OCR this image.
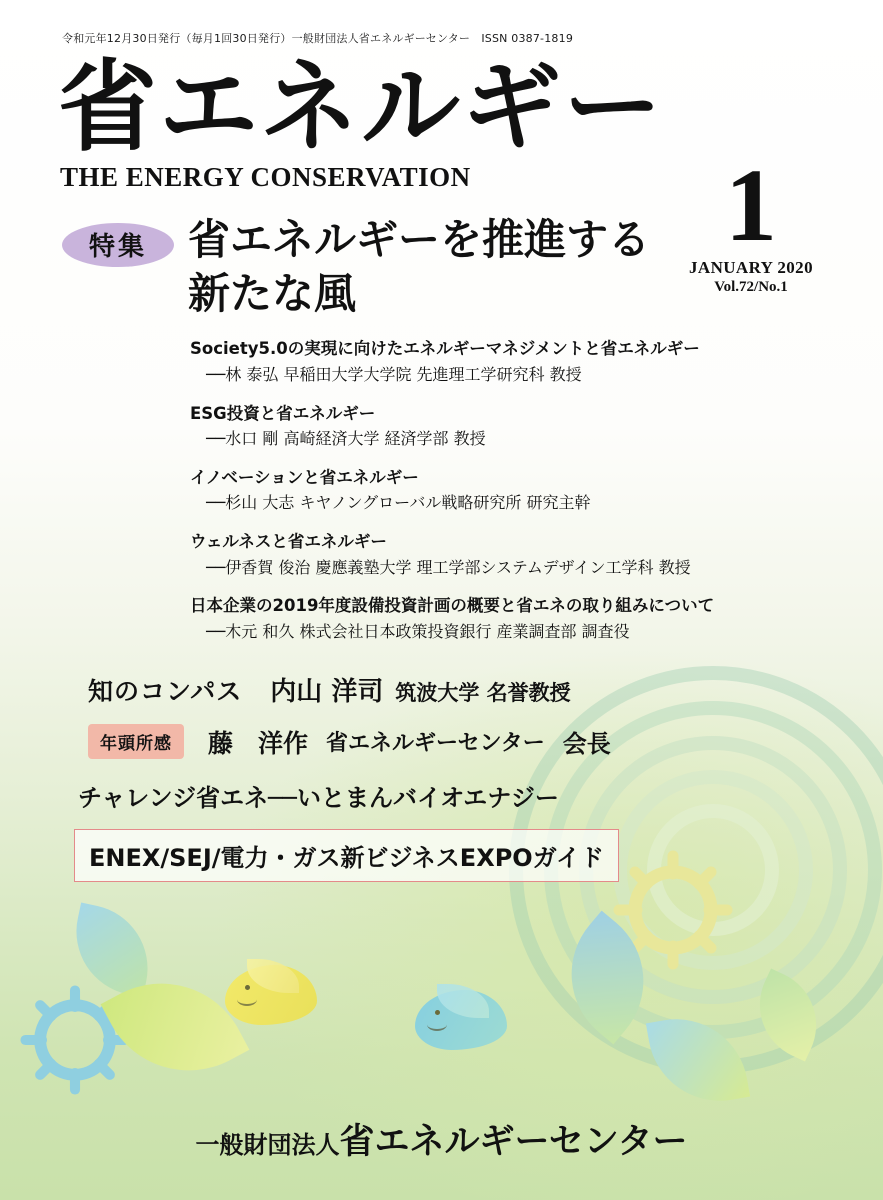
令和元年12月30日発行（毎月1回30日発行）一般財団法人省エネルギーセンター　ISSN 0387-1819
省エネルギー
THE ENERGY CONSERVATION	1
JANUARY 2020
Vol.72/No.1
特集 省エネルギーを推進する
新たな風
Society5.0の実現に向けたエネルギーマネジメントと省エネルギー
──林 泰弘 早稲田大学大学院 先進理工学研究科 教授
ESG投資と省エネルギー
──水口 剛 高崎経済大学 経済学部 教授
イノベーションと省エネルギー
──杉山 大志 キヤノングローバル戦略研究所 研究主幹
ウェルネスと省エネルギー
──伊香賀 俊治 慶應義塾大学 理工学部システムデザイン工学科 教授
日本企業の2019年度設備投資計画の概要と省エネの取り組みについて
──木元 和久 株式会社日本政策投資銀行 産業調査部 調査役
知のコンパス 内山 洋司 筑波大学 名誉教授
年頭所感	藤　洋作 省エネルギーセンター 会長
チャレンジ省エネ──いとまんバイオエナジー
ENEX/SEJ/電力・ガス新ビジネスEXPOガイド
一般財団法人省エネルギーセンター
